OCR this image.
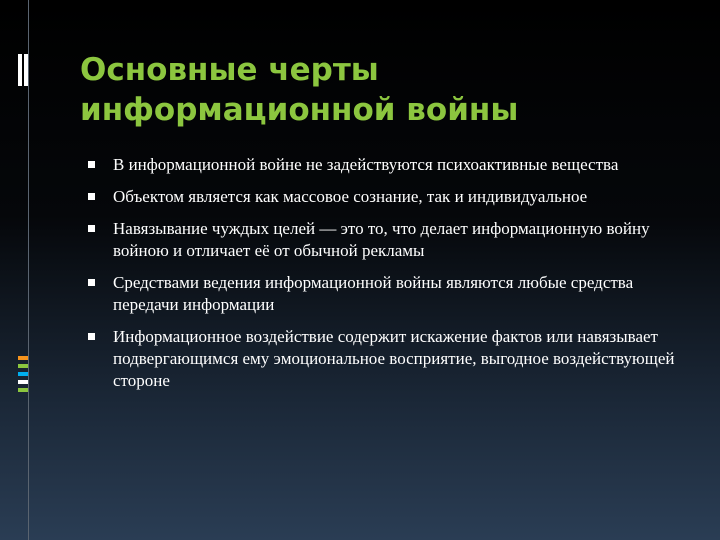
Основные черты
информационной войны
В информационной войне не задействуются психоактивные вещества
Объектом является как массовое сознание, так и индивидуальное
Навязывание чуждых целей — это то, что делает информационную войну войною и отличает её от обычной рекламы
Средствами ведения информационной войны являются любые средства передачи информации
Информационное воздействие содержит искажение фактов или навязывает подвергающимся ему эмоциональное восприятие, выгодное воздействующей стороне
